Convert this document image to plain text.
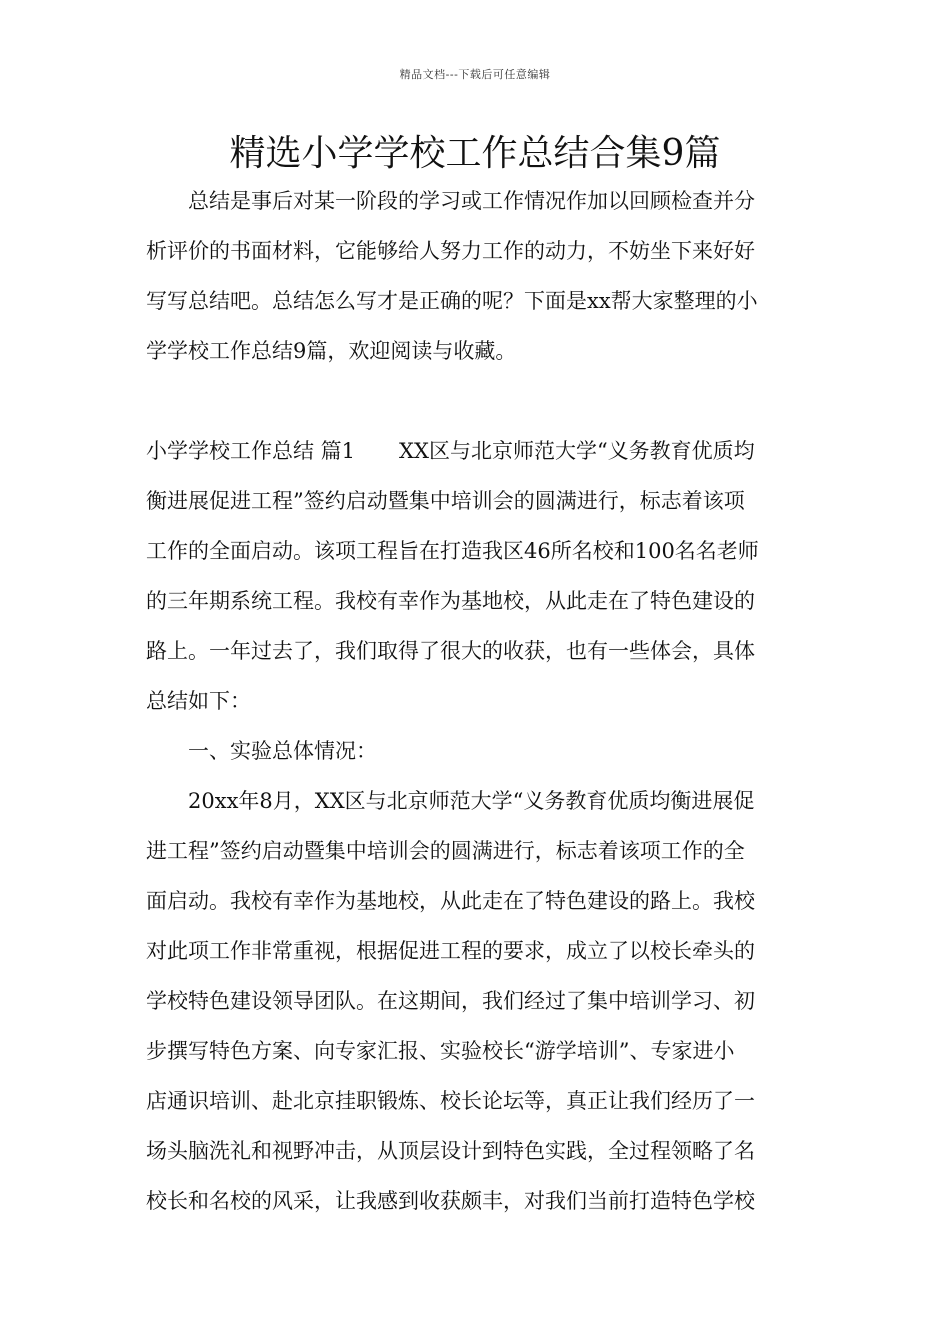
精品文档---下载后可任意编辑
精选小学学校工作总结合集9篇
总结是事后对某一阶段的学习或工作情况作加以回顾检查并分
析评价的书面材料，它能够给人努力工作的动力，不妨坐下来好好
写写总结吧。总结怎么写才是正确的呢？下面是xx帮大家整理的小
学学校工作总结9篇，欢迎阅读与收藏。
小学学校工作总结 篇1 XX区与北京师范大学“义务教育优质均
衡进展促进工程”签约启动暨集中培训会的圆满进行，标志着该项
工作的全面启动。该项工程旨在打造我区46所名校和100名名老师
的三年期系统工程。我校有幸作为基地校，从此走在了特色建设的
路上。一年过去了，我们取得了很大的收获，也有一些体会，具体
总结如下：
一、实验总体情况：
20xx年8月，XX区与北京师范大学“义务教育优质均衡进展促
进工程”签约启动暨集中培训会的圆满进行，标志着该项工作的全
面启动。我校有幸作为基地校，从此走在了特色建设的路上。我校
对此项工作非常重视，根据促进工程的要求，成立了以校长牵头的
学校特色建设领导团队。在这期间，我们经过了集中培训学习、初
步撰写特色方案、向专家汇报、实验校长“游学培训”、专家进小
店通识培训、赴北京挂职锻炼、校长论坛等，真正让我们经历了一
场头脑洗礼和视野冲击，从顶层设计到特色实践，全过程领略了名
校长和名校的风采，让我感到收获颇丰，对我们当前打造特色学校
